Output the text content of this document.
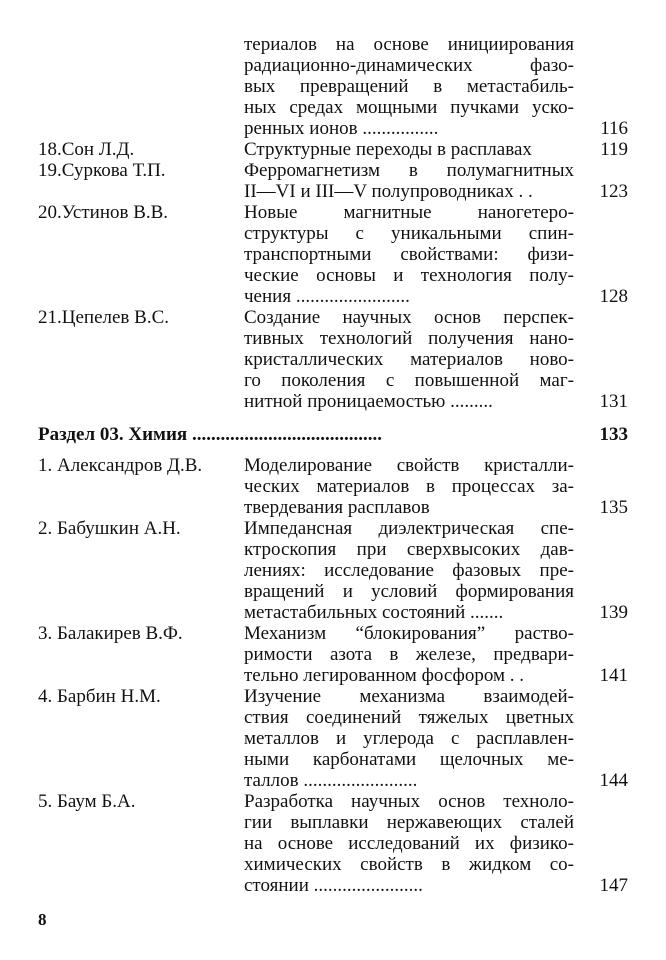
териалов на основе инициирования
радиационно-динамических фазо-
вых превращений в метастабиль-
ных средах мощными пучками уско-
ренных ионов ................	116
18.Сон Л.Д.	Структурные переходы в расплавах	119
19.Суркова Т.П.	Ферромагнетизм в полумагнитных
II—VI и III—V полупроводниках . .	123
20.Устинов В.В.	Новые магнитные наногетеро-
структуры с уникальными спин-
транспортными свойствами: физи-
ческие основы и технология полу-
чения ........................	128
21.Цепелев В.С.	Создание научных основ перспек-
тивных технологий получения нано-
кристаллических материалов ново-
го поколения с повышенной маг-
нитной проницаемостью .........	131
Раздел 03. Химия ........................................	133
1. Александров Д.В.	Моделирование свойств кристалли-
ческих материалов в процессах за-
твердевания расплавов	135
2. Бабушкин А.Н.	Импедансная диэлектрическая спе-
ктроскопия при сверхвысоких дав-
лениях: исследование фазовых пре-
вращений и условий формирования
метастабильных состояний .......	139
3. Балакирев В.Ф.	Механизм “блокирования” раство-
римости азота в железе, предвари-
тельно легированном фосфором . .	141
4. Барбин Н.М.	Изучение механизма взаимодей-
ствия соединений тяжелых цветных
металлов и углерода с расплавлен-
ными карбонатами щелочных ме-
таллов ........................	144
5. Баум Б.А.	Разработка научных основ техноло-
гии выплавки нержавеющих сталей
на основе исследований их физико-
химических свойств в жидком со-
стоянии .......................	147
8
